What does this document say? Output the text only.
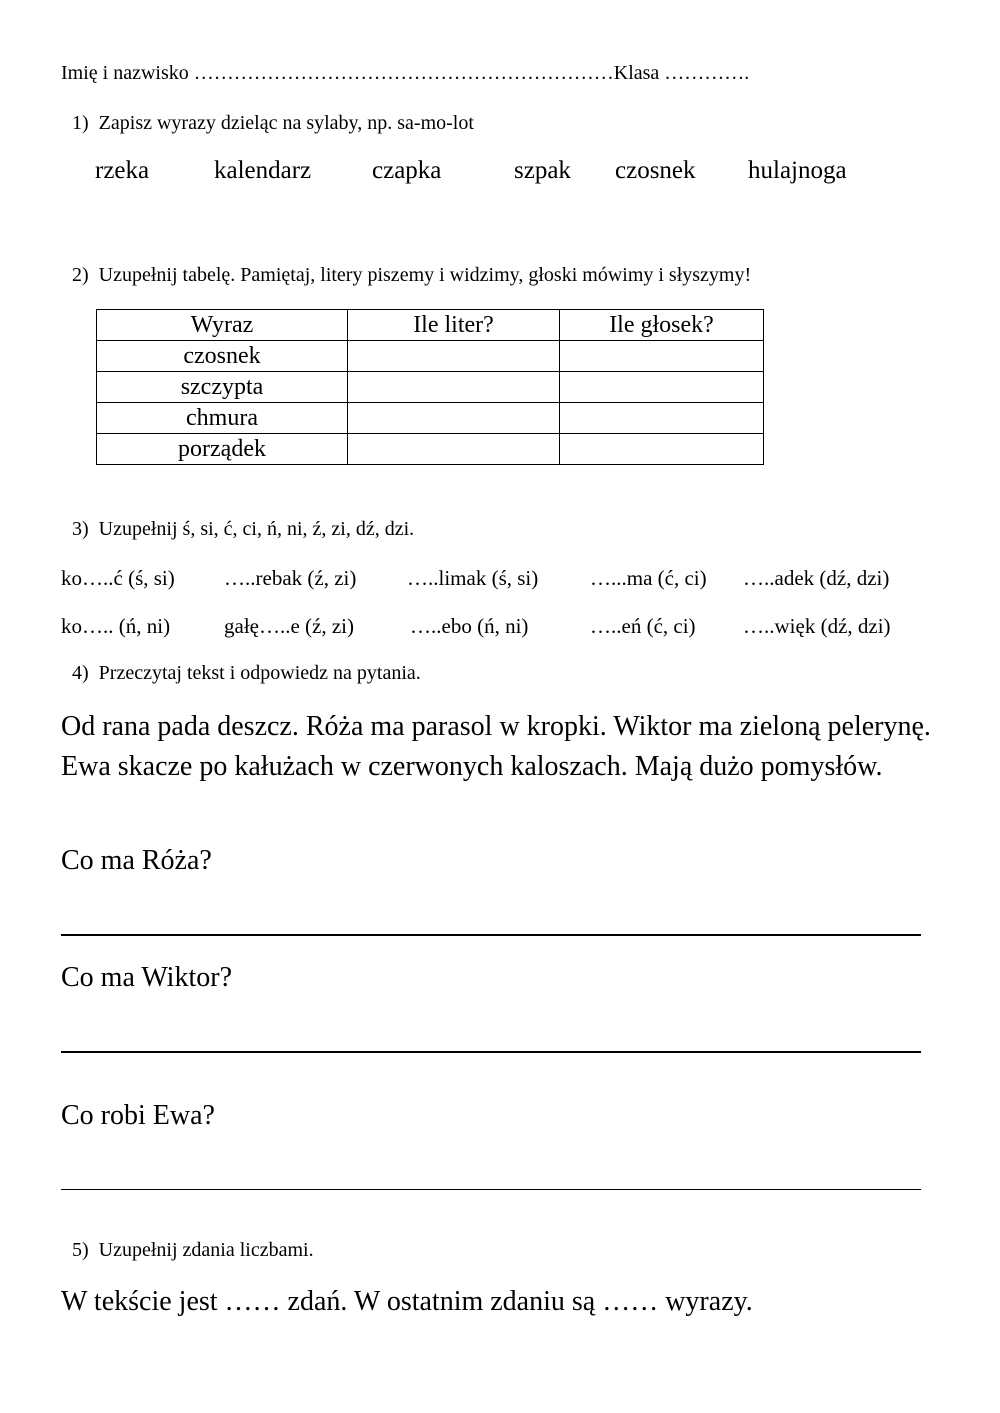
Imię i nazwisko ………………………………………………………Klasa ………….
1) Zapisz wyrazy dzieląc na sylaby, np. sa-mo-lot
rzeka	kalendarz czapka	szpak czosnek hulajnoga
2) Uzupełnij tabelę. Pamiętaj, litery piszemy i widzimy, głoski mówimy i słyszymy!
Wyraz	Ile liter?	Ile głosek?
czosnek		
szczypta		
chmura		
porządek		
3) Uzupełnij ś, si, ć, ci, ń, ni, ź, zi, dź, dzi.
ko…..ć (ś, si) …..rebak (ź, zi) …..limak (ś, si) …...ma (ć, ci) …..adek (dź, dzi)
ko….. (ń, ni)	gałę…..e (ź, zi)	…..ebo (ń, ni)	…..eń (ć, ci) …..więk (dź, dzi)
4) Przeczytaj tekst i odpowiedz na pytania.
Od rana pada deszcz. Róża ma parasol w kropki. Wiktor ma zieloną pelerynę. Ewa skacze po kałużach w czerwonych kaloszach. Mają dużo pomysłów.
Co ma Róża?
Co ma Wiktor?
Co robi Ewa?
5) Uzupełnij zdania liczbami.
W tekście jest …… zdań. W ostatnim zdaniu są …… wyrazy.
